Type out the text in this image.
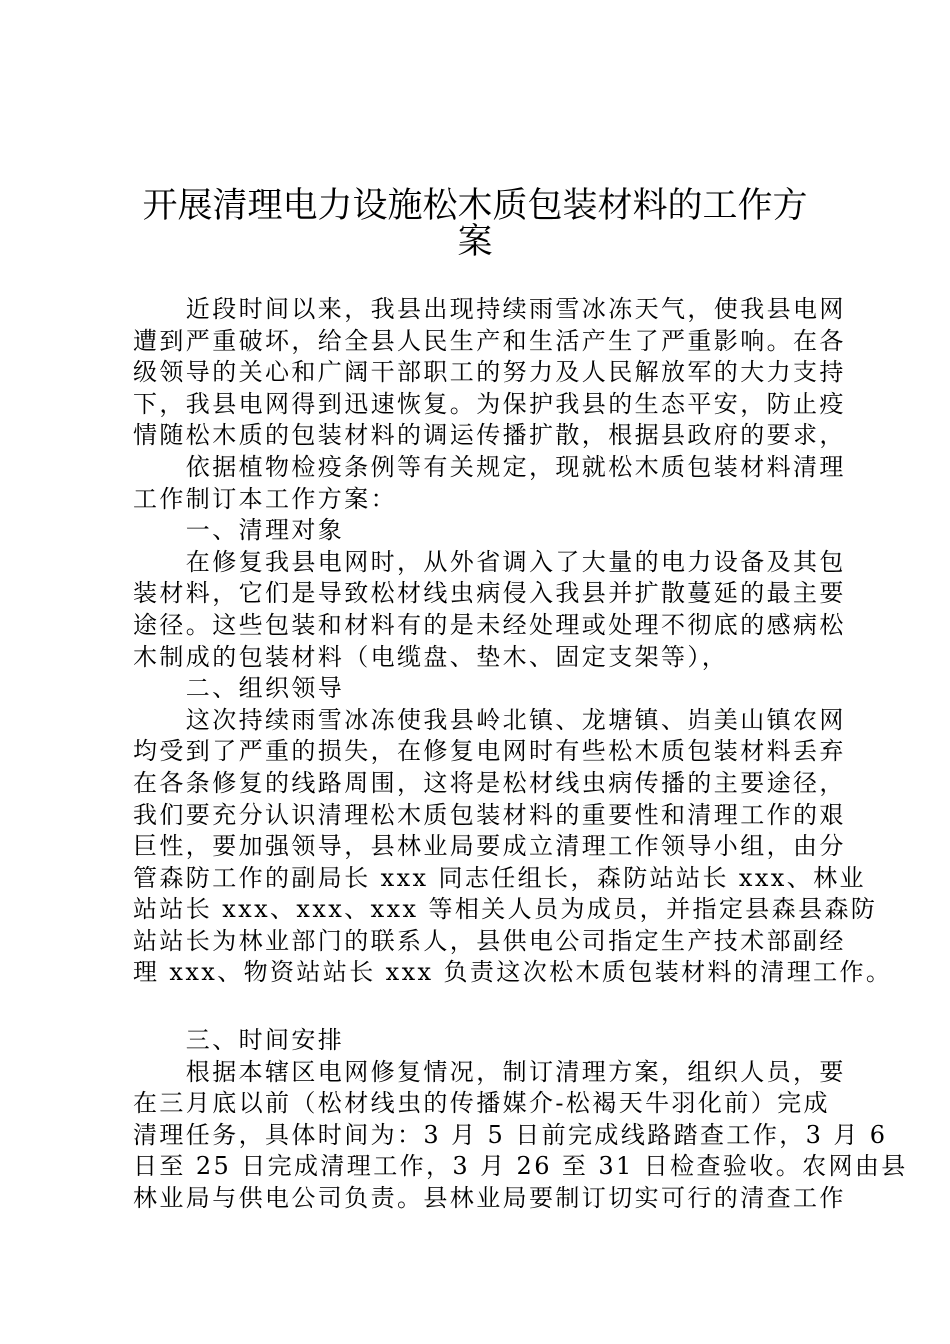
开展清理电力设施松木质包装材料的工作方
案
　　近段时间以来，我县出现持续雨雪冰冻天气，使我县电网
遭到严重破坏，给全县人民生产和生活产生了严重影响。在各
级领导的关心和广阔干部职工的努力及人民解放军的大力支持
下，我县电网得到迅速恢复。为保护我县的生态平安，防止疫
情随松木质的包装材料的调运传播扩散，根据县政府的要求，
　　依据植物检疫条例等有关规定，现就松木质包装材料清理
工作制订本工作方案：
　　一、清理对象
　　在修复我县电网时，从外省调入了大量的电力设备及其包
装材料，它们是导致松材线虫病侵入我县并扩散蔓延的最主要
途径。这些包装和材料有的是未经处理或处理不彻底的感病松
木制成的包装材料（电缆盘、垫木、固定支架等），
　　二、组织领导
　　这次持续雨雪冰冻使我县岭北镇、龙塘镇、岿美山镇农网
均受到了严重的损失，在修复电网时有些松木质包装材料丢弃
在各条修复的线路周围，这将是松材线虫病传播的主要途径，
我们要充分认识清理松木质包装材料的重要性和清理工作的艰
巨性，要加强领导，县林业局要成立清理工作领导小组，由分
管森防工作的副局长 xxx 同志任组长，森防站站长 xxx、林业
站站长 xxx、xxx、xxx 等相关人员为成员，并指定县森县森防
站站长为林业部门的联系人，县供电公司指定生产技术部副经
理 xxx、物资站站长 xxx 负责这次松木质包装材料的清理工作。
　　三、时间安排
　　根据本辖区电网修复情况，制订清理方案，组织人员，要
在三月底以前（松材线虫的传播媒介-松褐天牛羽化前）完成
清理任务，具体时间为：3 月 5 日前完成线路踏查工作，3 月 6
日至 25 日完成清理工作，3 月 26 至 31 日检查验收。农网由县
林业局与供电公司负责。县林业局要制订切实可行的清查工作
